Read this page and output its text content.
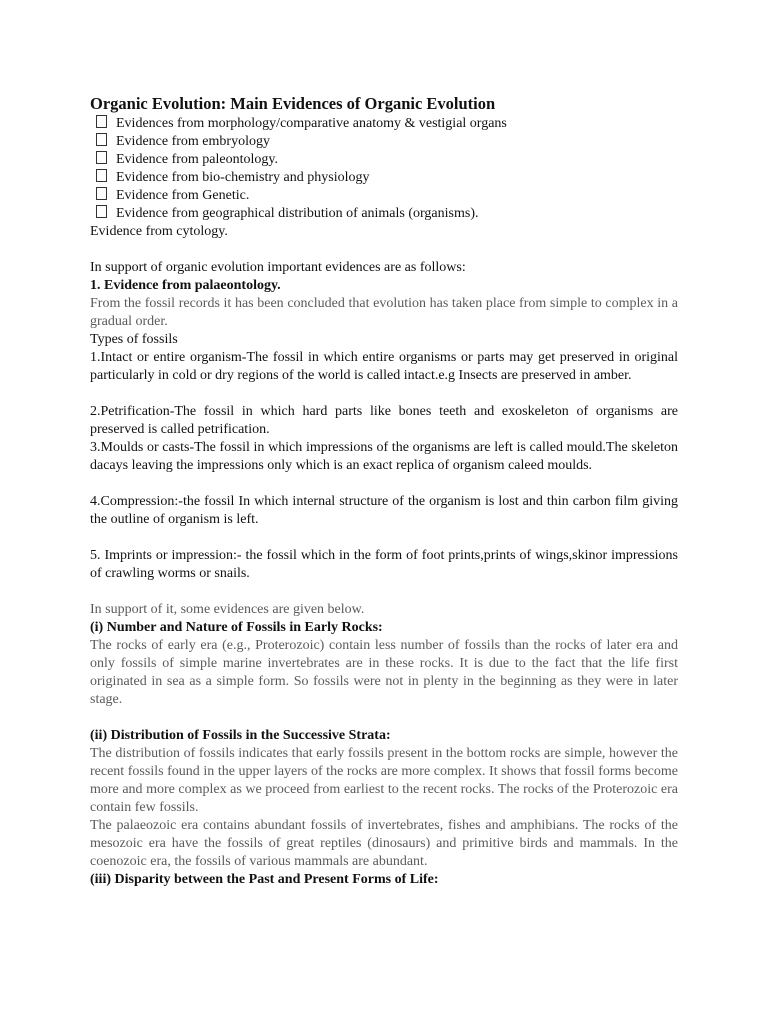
Organic Evolution: Main Evidences of Organic Evolution
Evidences from morphology/comparative anatomy & vestigial organs
Evidence from embryology
Evidence from paleontology.
Evidence from bio-chemistry and physiology
Evidence from Genetic.
Evidence from geographical distribution of animals (organisms).

Evidence from cytology.

In support of organic evolution important evidences are as follows:

1. Evidence from palaeontology.

From the fossil records it has been concluded that evolution has taken place from simple to complex in a gradual order.

Types of fossils

1.Intact or entire organism-The fossil in which entire organisms or parts may get preserved in original particularly in cold or dry regions of the world is called intact.e.g Insects are preserved in amber.

2.Petrification-The fossil in which hard parts like bones teeth and exoskeleton of organisms are preserved is called petrification.

3.Moulds or casts-The fossil in which impressions of the organisms are left is called mould.The skeleton dacays leaving the impressions only which is an exact replica of organism caleed moulds.

4.Compression:-the fossil In which internal structure of the organism is lost and thin carbon film giving the outline of organism is left.

5. Imprints or impression:- the fossil which in the form of foot prints,prints of wings,skinor impressions of crawling worms or snails.

In support of it, some evidences are given below.

(i) Number and Nature of Fossils in Early Rocks:

The rocks of early era (e.g., Proterozoic) contain less number of fossils than the rocks of later era and only fossils of simple marine invertebrates are in these rocks. It is due to the fact that the life first originated in sea as a simple form. So fossils were not in plenty in the beginning as they were in later stage.

(ii) Distribution of Fossils in the Successive Strata:

The distribution of fossils indicates that early fossils present in the bottom rocks are simple, however the recent fossils found in the upper layers of the rocks are more complex. It shows that fossil forms become more and more complex as we proceed from earliest to the recent rocks. The rocks of the Proterozoic era contain few fossils.

The palaeozoic era contains abundant fossils of invertebrates, fishes and amphibians. The rocks of the mesozoic era have the fossils of great reptiles (dinosaurs) and primitive birds and mammals. In the coenozoic era, the fossils of various mammals are abundant.

(iii) Disparity between the Past and Present Forms of Life:
